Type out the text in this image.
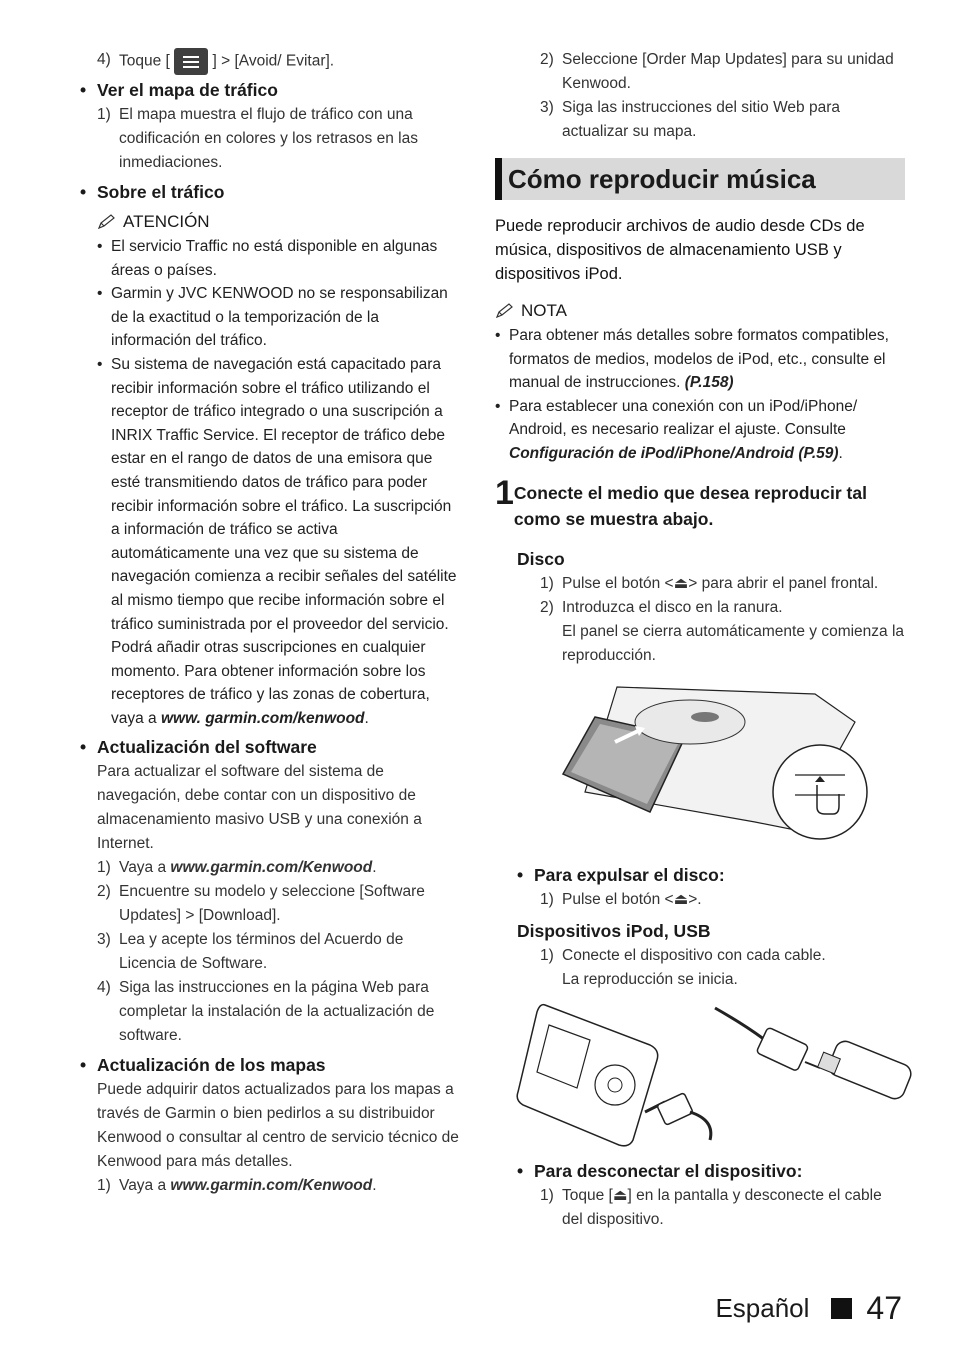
4) Toque [	] > [Avoid/ Evitar].
• Ver el mapa de tráfico
1) El mapa muestra el flujo de tráfico con una codificación en colores y los retrasos en las inmediaciones.
• Sobre el tráfico
ATENCIÓN
• El servicio Traffic no está disponible en algunas áreas o países.
• Garmin y JVC KENWOOD no se responsabilizan de la exactitud o la temporización de la información del tráfico.
• Su sistema de navegación está capacitado para recibir información sobre el tráfico utilizando el receptor de tráfico integrado o una suscripción a INRIX Traffic Service. El receptor de tráfico debe estar en el rango de datos de una emisora que esté transmitiendo datos de tráfico para poder recibir información sobre el tráfico. La suscripción a información de tráfico se activa automáticamente una vez que su sistema de navegación comienza a recibir señales del satélite al mismo tiempo que recibe información sobre el tráfico suministrada por el proveedor del servicio. Podrá añadir otras suscripciones en cualquier momento. Para obtener información sobre los receptores de tráfico y las zonas de cobertura, vaya a www. garmin.com/kenwood.
• Actualización del software
Para actualizar el software del sistema de navegación, debe contar con un dispositivo de almacenamiento masivo USB y una conexión a Internet.
1) Vaya a www.garmin.com/Kenwood.
2) Encuentre su modelo y seleccione [Software Updates] > [Download].
3) Lea y acepte los términos del Acuerdo de Licencia de Software.
4) Siga las instrucciones en la página Web para completar la instalación de la actualización de software.
• Actualización de los mapas
Puede adquirir datos actualizados para los mapas a través de Garmin o bien pedirlos a su distribuidor Kenwood o consultar al centro de servicio técnico de Kenwood para más detalles.
1) Vaya a www.garmin.com/Kenwood.
2) Seleccione [Order Map Updates] para su unidad Kenwood.
3) Siga las instrucciones del sitio Web para actualizar su mapa.
Cómo reproducir música
Puede reproducir archivos de audio desde CDs de música, dispositivos de almacenamiento USB y dispositivos iPod.
NOTA
• Para obtener más detalles sobre formatos compatibles, formatos de medios, modelos de iPod, etc., consulte el manual de instrucciones. (P.158)
• Para establecer una conexión con un iPod/iPhone/ Android, es necesario realizar el ajuste. Consulte Configuración de iPod/iPhone/Android (P.59).
1 Conecte el medio que desea reproducir tal como se muestra abajo.
Disco
1) Pulse el botón <⏏> para abrir el panel frontal.
2) Introduzca el disco en la ranura.
El panel se cierra automáticamente y comienza la reproducción.
• Para expulsar el disco:
1) Pulse el botón <⏏>.
Dispositivos iPod, USB
1) Conecte el dispositivo con cada cable.
La reproducción se inicia.
• Para desconectar el dispositivo:
1) Toque [⏏] en la pantalla y desconecte el cable del dispositivo.
Español 47
